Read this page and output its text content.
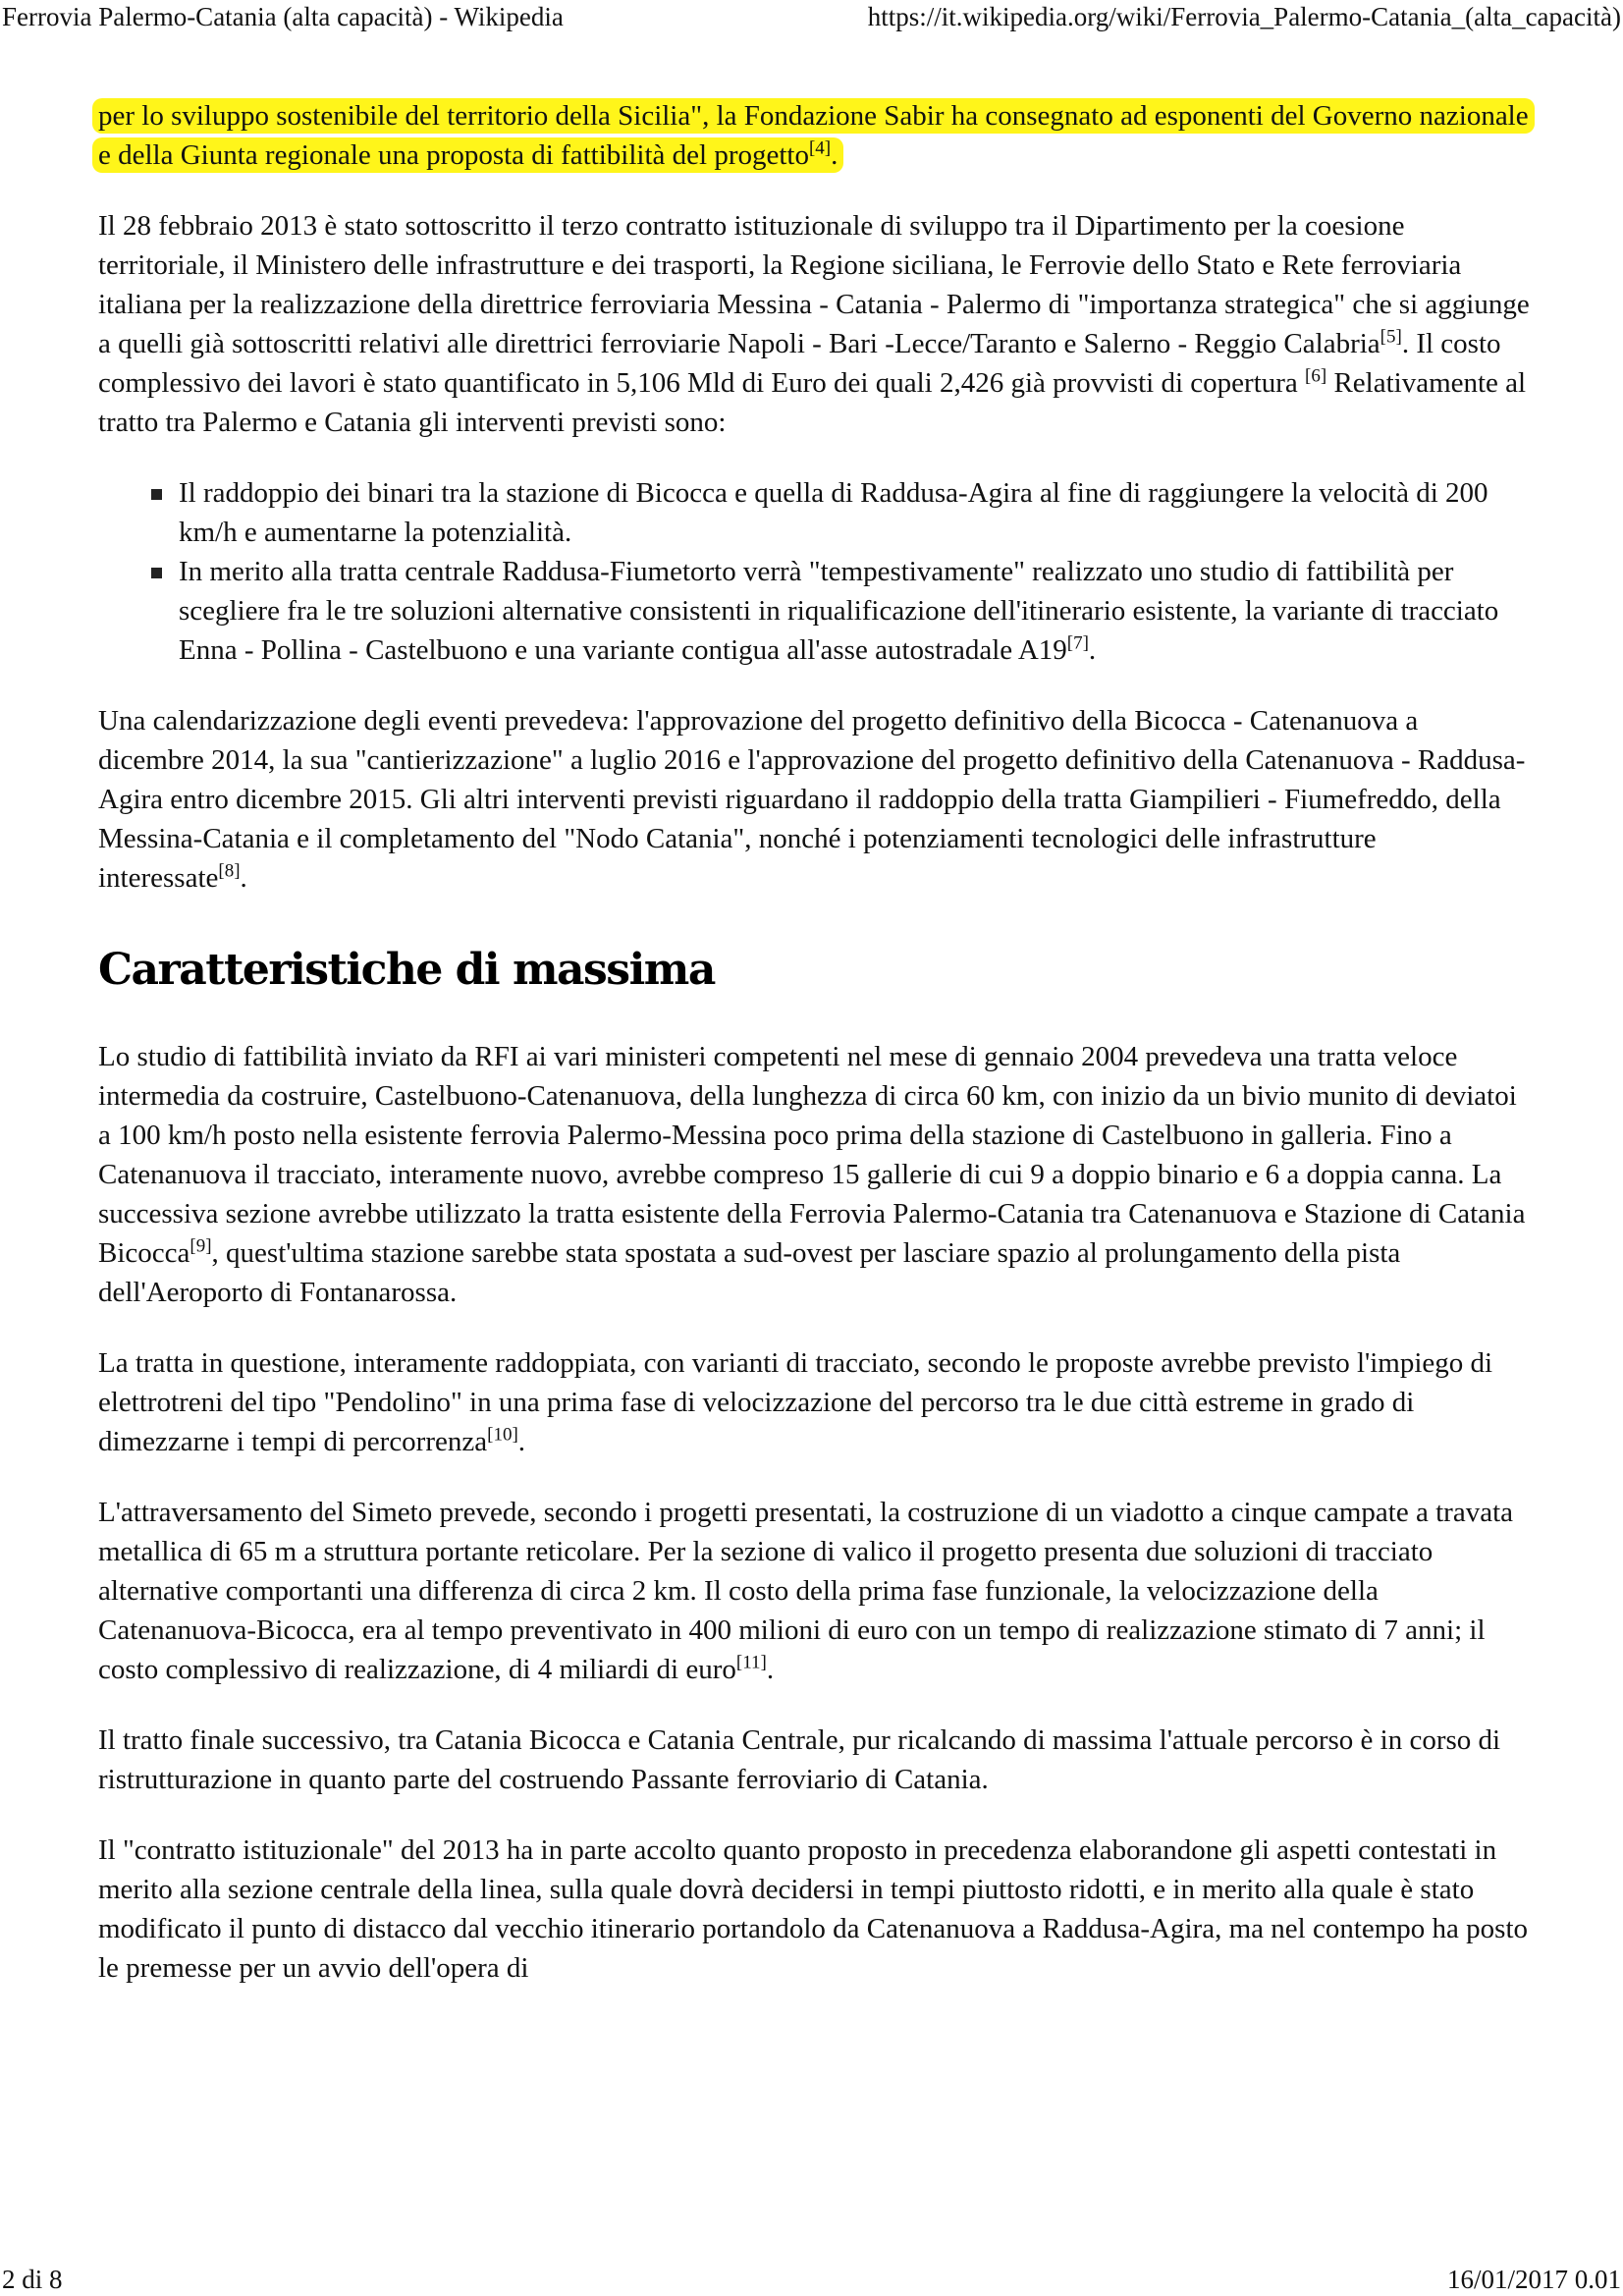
Ferrovia Palermo-Catania (alta capacità) - Wikipedia	https://it.wikipedia.org/wiki/Ferrovia_Palermo-Catania_(alta_capacità)

per lo sviluppo sostenibile del territorio della Sicilia", la Fondazione Sabir ha consegnato ad esponenti del Governo nazionale e della Giunta regionale una proposta di fattibilità del progetto[4].

Il 28 febbraio 2013 è stato sottoscritto il terzo contratto istituzionale di sviluppo tra il Dipartimento per la coesione territoriale, il Ministero delle infrastrutture e dei trasporti, la Regione siciliana, le Ferrovie dello Stato e Rete ferroviaria italiana per la realizzazione della direttrice ferroviaria Messina - Catania - Palermo di "importanza strategica" che si aggiunge a quelli già sottoscritti relativi alle direttrici ferroviarie Napoli - Bari -Lecce/Taranto e Salerno - Reggio Calabria[5]. Il costo complessivo dei lavori è stato quantificato in 5,106 Mld di Euro dei quali 2,426 già provvisti di copertura [6] Relativamente al tratto tra Palermo e Catania gli interventi previsti sono:

Il raddoppio dei binari tra la stazione di Bicocca e quella di Raddusa-Agira al fine di raggiungere la velocità di 200 km/h e aumentarne la potenzialità.
In merito alla tratta centrale Raddusa-Fiumetorto verrà "tempestivamente" realizzato uno studio di fattibilità per scegliere fra le tre soluzioni alternative consistenti in riqualificazione dell'itinerario esistente, la variante di tracciato Enna - Pollina - Castelbuono e una variante contigua all'asse autostradale A19[7].

Una calendarizzazione degli eventi prevedeva: l'approvazione del progetto definitivo della Bicocca - Catenanuova a dicembre 2014, la sua "cantierizzazione" a luglio 2016 e l'approvazione del progetto definitivo della Catenanuova - Raddusa-Agira entro dicembre 2015. Gli altri interventi previsti riguardano il raddoppio della tratta Giampilieri - Fiumefreddo, della Messina-Catania e il completamento del "Nodo Catania", nonché i potenziamenti tecnologici delle infrastrutture interessate[8].

Caratteristiche di massima

Lo studio di fattibilità inviato da RFI ai vari ministeri competenti nel mese di gennaio 2004 prevedeva una tratta veloce intermedia da costruire, Castelbuono-Catenanuova, della lunghezza di circa 60 km, con inizio da un bivio munito di deviatoi a 100 km/h posto nella esistente ferrovia Palermo-Messina poco prima della stazione di Castelbuono in galleria. Fino a Catenanuova il tracciato, interamente nuovo, avrebbe compreso 15 gallerie di cui 9 a doppio binario e 6 a doppia canna. La successiva sezione avrebbe utilizzato la tratta esistente della Ferrovia Palermo-Catania tra Catenanuova e Stazione di Catania Bicocca[9], quest'ultima stazione sarebbe stata spostata a sud-ovest per lasciare spazio al prolungamento della pista dell'Aeroporto di Fontanarossa.

La tratta in questione, interamente raddoppiata, con varianti di tracciato, secondo le proposte avrebbe previsto l'impiego di elettrotreni del tipo "Pendolino" in una prima fase di velocizzazione del percorso tra le due città estreme in grado di dimezzarne i tempi di percorrenza[10].

L'attraversamento del Simeto prevede, secondo i progetti presentati, la costruzione di un viadotto a cinque campate a travata metallica di 65 m a struttura portante reticolare. Per la sezione di valico il progetto presenta due soluzioni di tracciato alternative comportanti una differenza di circa 2 km. Il costo della prima fase funzionale, la velocizzazione della Catenanuova-Bicocca, era al tempo preventivato in 400 milioni di euro con un tempo di realizzazione stimato di 7 anni; il costo complessivo di realizzazione, di 4 miliardi di euro[11].

Il tratto finale successivo, tra Catania Bicocca e Catania Centrale, pur ricalcando di massima l'attuale percorso è in corso di ristrutturazione in quanto parte del costruendo Passante ferroviario di Catania.

Il "contratto istituzionale" del 2013 ha in parte accolto quanto proposto in precedenza elaborandone gli aspetti contestati in merito alla sezione centrale della linea, sulla quale dovrà decidersi in tempi piuttosto ridotti, e in merito alla quale è stato modificato il punto di distacco dal vecchio itinerario portandolo da Catenanuova a Raddusa-Agira, ma nel contempo ha posto le premesse per un avvio dell'opera di

2 di 8	16/01/2017 0.01
